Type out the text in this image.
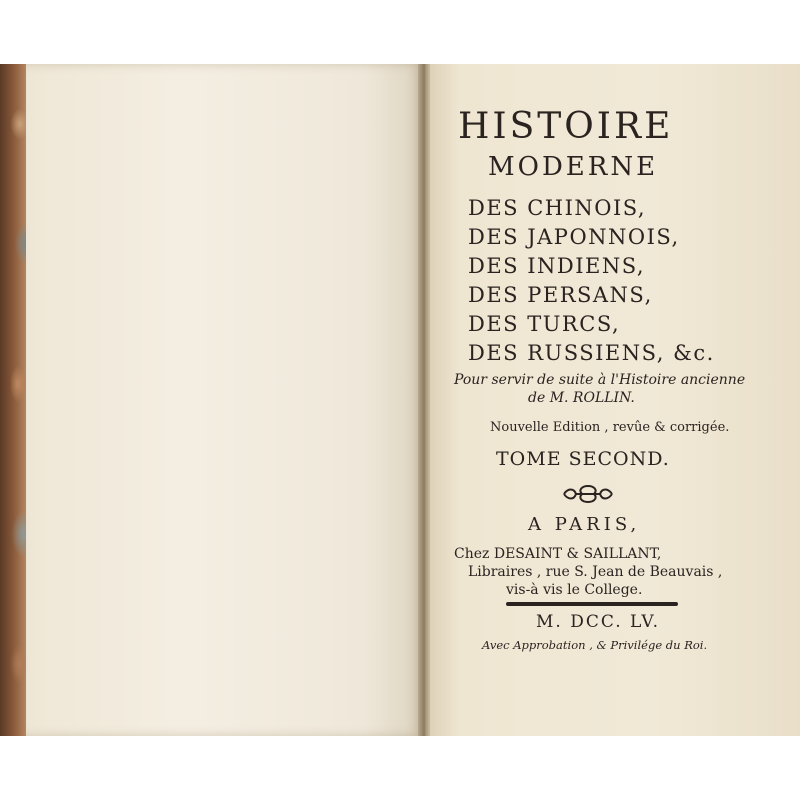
HISTOIRE
MODERNE
DES CHINOIS,
DES JAPONNOIS,
DES INDIENS,
DES PERSANS,
DES TURCS,
DES RUSSIENS, &c.
Pour servir de suite à l'Histoire ancienne
de M. ROLLIN.
Nouvelle Edition , revûe & corrigée.
TOME SECOND.
A PARIS,
Chez DESAINT & SAILLANT,
Libraires , rue S. Jean de Beauvais ,
vis-à vis le College.
M. DCC. LV.
Avec Approbation , & Privilége du Roi.
